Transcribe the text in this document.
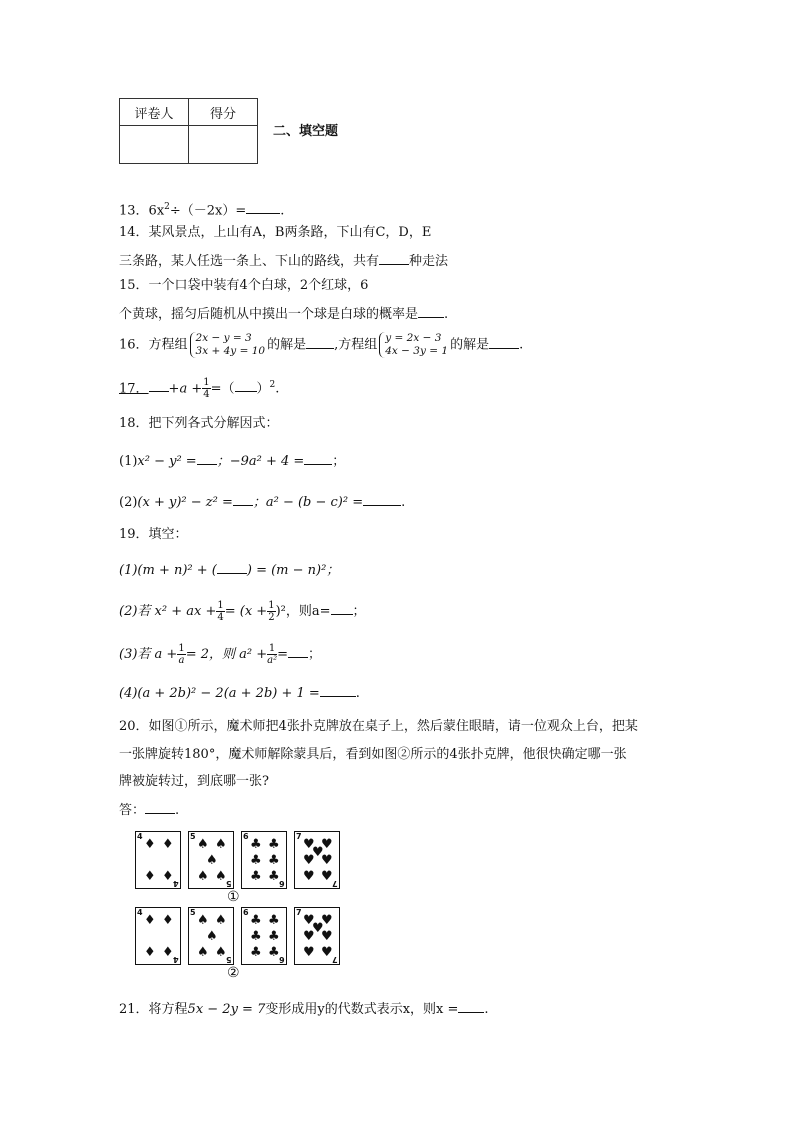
评卷人	得分

二、填空题
13．$6x^2\div(-2x)=$	.
14．某风景点，上山有A，B两条路，下山有C，D，E
三条路，某人任选一条上、下山的路线，共有 种走法
15．一个口袋中装有4个白球，2个红球，6
个黄球，摇匀后随机从中摸出一个球是白球的概率是 .
16．方程组 2x − y = 3
3x + 4y = 10 的解是 ,方程组 y = 2x − 3
4x − 3y = 1 的解是 .
17． $+a + \frac{1}{4}$ =（ ）$^2$.
18．把下列各式分解因式：
(1)x² − y² = ；−9a² + 4 = ；
(2)(x + y)² − z² = ；a² − (b − c)² =	.
19．填空：
(1)(m + n)² + ( ) = (m − n)²；
(2)若 x² + ax + $\frac{1}{4} = (x + \frac{1}{2} )^2$，则a= ；
(3)若 $a + \frac{1}{a} = 2$，则 $a^2 + \frac{1}{\text{a²}}$ = ；
(4)(a + 2b)² − 2(a + 2b) + 1 =	.
20．如图①所示，魔术师把4张扑克牌放在桌子上，然后蒙住眼睛，请一位观众上台，把某
一张牌旋转180°，魔术师解除蒙具后，看到如图②所示的4张扑克牌，他很快确定哪一张
牌被旋转过，到底哪一张?
答： .
4
4
♦ ♦
♦ ♦
5
5
♠ ♠
♠
♠ ♠
6
6
♣ ♣
♣ ♣
♣ ♣
7
7
♥ ♥
♥
♥ ♥
♥ ♥
4
4
♦ ♦
♦ ♦
5
5
♠ ♠
♠
♠ ♠
6
6
♣ ♣
♣ ♣
♣ ♣
7
7
♥ ♥
♥
♥ ♥
♥ ♥
①
②
21．将方程5x − 2y = 7变形成用y的代数式表示x，则x = .
